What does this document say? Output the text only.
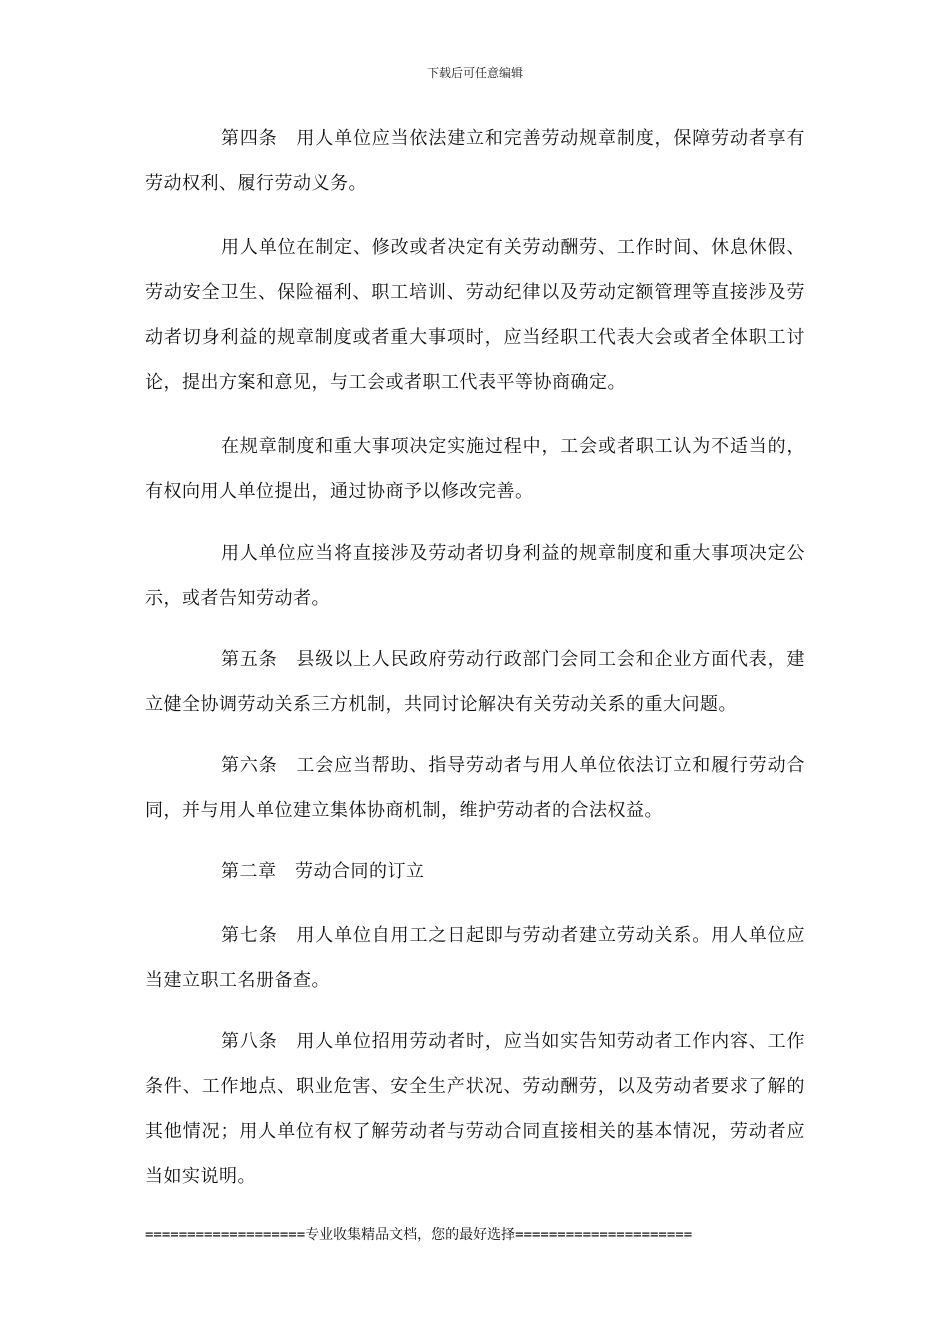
下载后可任意编辑

第四条　用人单位应当依法建立和完善劳动规章制度，保障劳动者享有劳动权利、履行劳动义务。

用人单位在制定、修改或者决定有关劳动酬劳、工作时间、休息休假、劳动安全卫生、保险福利、职工培训、劳动纪律以及劳动定额管理等直接涉及劳动者切身利益的规章制度或者重大事项时，应当经职工代表大会或者全体职工讨论，提出方案和意见，与工会或者职工代表平等协商确定。

在规章制度和重大事项决定实施过程中，工会或者职工认为不适当的，有权向用人单位提出，通过协商予以修改完善。

用人单位应当将直接涉及劳动者切身利益的规章制度和重大事项决定公示，或者告知劳动者。

第五条　县级以上人民政府劳动行政部门会同工会和企业方面代表，建立健全协调劳动关系三方机制，共同讨论解决有关劳动关系的重大问题。

第六条　工会应当帮助、指导劳动者与用人单位依法订立和履行劳动合同，并与用人单位建立集体协商机制，维护劳动者的合法权益。

第二章　劳动合同的订立

第七条　用人单位自用工之日起即与劳动者建立劳动关系。用人单位应当建立职工名册备查。

第八条　用人单位招用劳动者时，应当如实告知劳动者工作内容、工作条件、工作地点、职业危害、安全生产状况、劳动酬劳，以及劳动者要求了解的其他情况；用人单位有权了解劳动者与劳动合同直接相关的基本情况，劳动者应当如实说明。

===================专业收集精品文档，您的最好选择=====================
